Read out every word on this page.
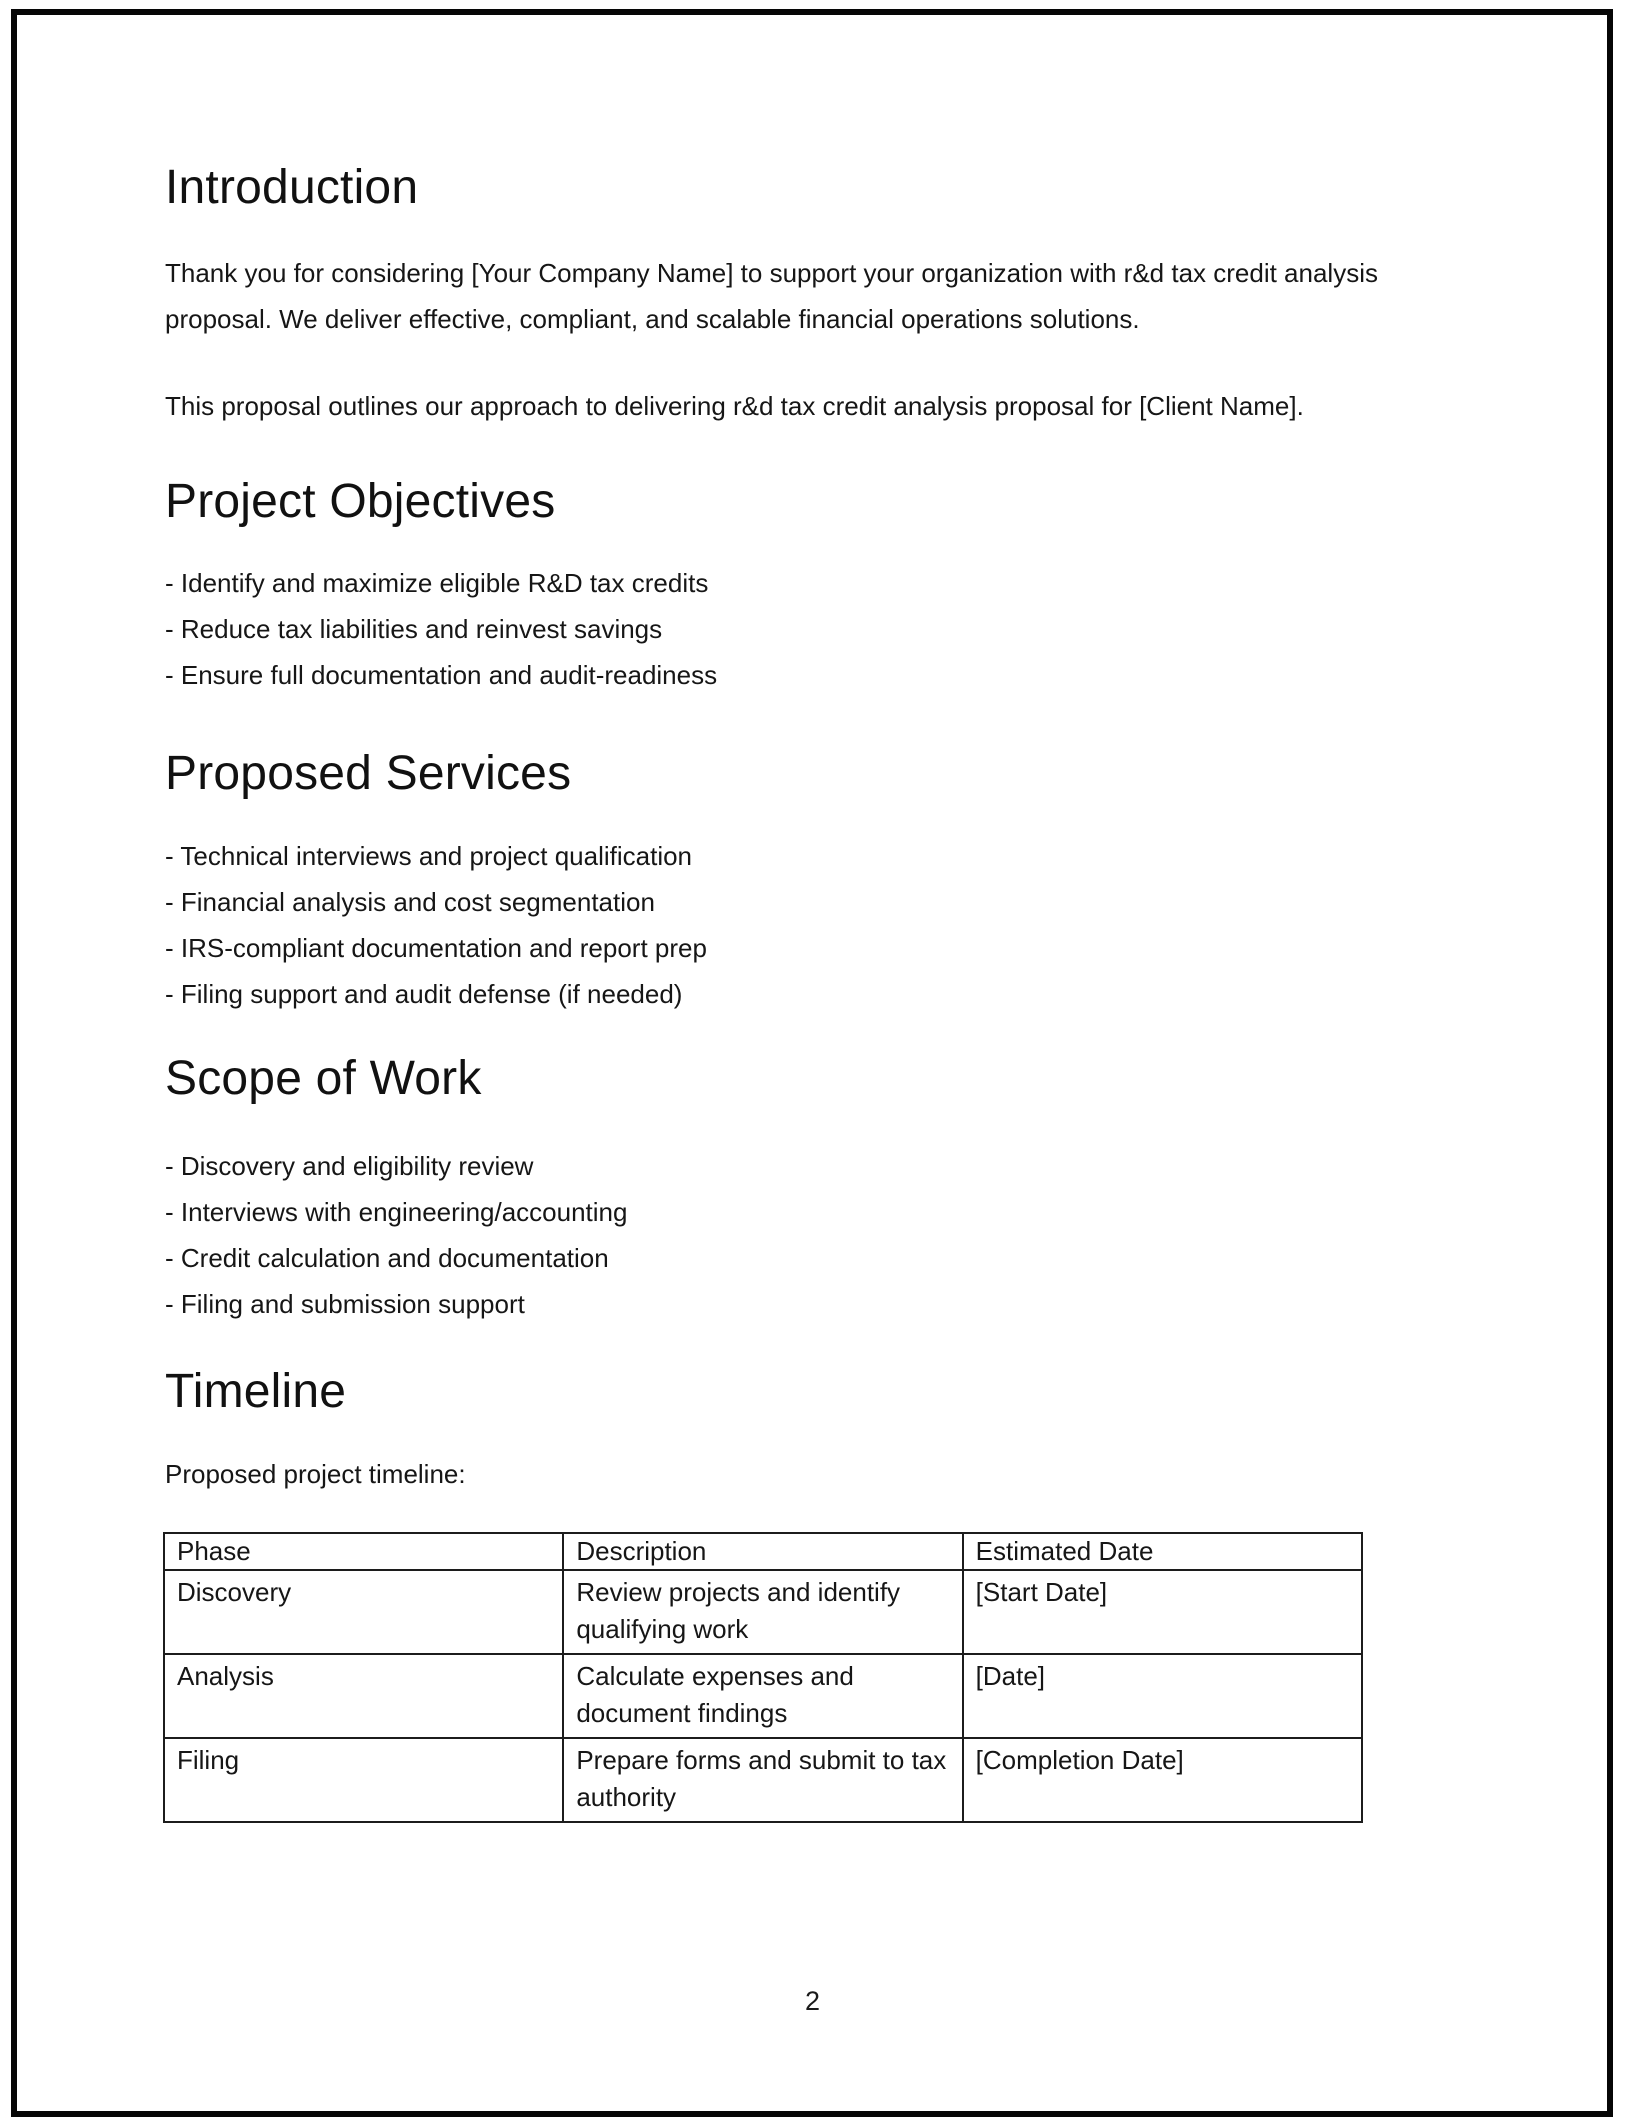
Introduction

Thank you for considering [Your Company Name] to support your organization with r&d tax credit analysis proposal. We deliver effective, compliant, and scalable financial operations solutions.

This proposal outlines our approach to delivering r&d tax credit analysis proposal for [Client Name].

Project Objectives
- Identify and maximize eligible R&D tax credits
- Reduce tax liabilities and reinvest savings
- Ensure full documentation and audit-readiness
Proposed Services
- Technical interviews and project qualification
- Financial analysis and cost segmentation
- IRS-compliant documentation and report prep
- Filing support and audit defense (if needed)
Scope of Work
- Discovery and eligibility review
- Interviews with engineering/accounting
- Credit calculation and documentation
- Filing and submission support
Timeline

Proposed project timeline:

Phase	Description	Estimated Date
Discovery	Review projects and identify qualifying work	[Start Date]
Analysis	Calculate expenses and document findings	[Date]
Filing	Prepare forms and submit to tax authority	[Completion Date]
2
